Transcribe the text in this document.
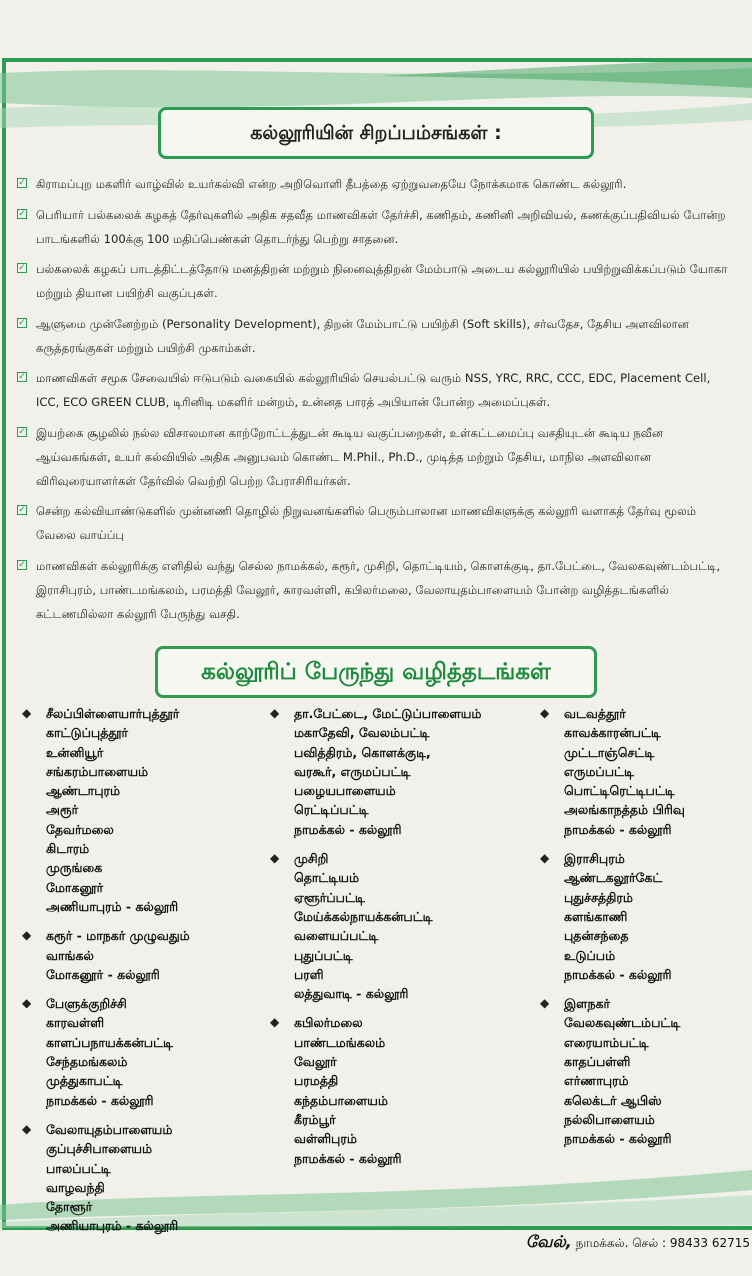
கல்லூரியின் சிறப்பம்சங்கள் :
✓ கிராமப்புற மகளிர் வாழ்வில் உயர்கல்வி என்ற அறிவொளி தீபத்தை ஏற்றுவதையே நோக்கமாக கொண்ட கல்லூரி.
✓ பெரியார் பல்கலைக் கழகத் தேர்வுகளில் அதிக சதவீத மாணவிகள் தேர்ச்சி, கணிதம், கணினி அறிவியல், கணக்குப்பதிவியல் போன்ற பாடங்களில் 100க்கு 100 மதிப்பெண்கள் தொடர்ந்து பெற்று சாதனை.
✓ பல்கலைக் கழகப் பாடத்திட்டத்தோடு மனத்திறன் மற்றும் நினைவுத்திறன் மேம்பாடு அடைய கல்லூரியில் பயிற்றுவிக்கப்படும் யோகா மற்றும் தியான பயிற்சி வகுப்புகள்.
✓ ஆளுமை முன்னேற்றம் (Personality Development), திறன் மேம்பாட்டு பயிற்சி (Soft skills), சர்வதேச, தேசிய அளவிலான கருத்தரங்குகள் மற்றும் பயிற்சி முகாம்கள்.
✓ மாணவிகள் சமூக சேவையில் ஈடுபடும் வகையில் கல்லூரியில் செயல்பட்டு வரும் NSS, YRC, RRC, CCC, EDC, Placement Cell, ICC, ECO GREEN CLUB, டிரினிடி மகளிர் மன்றம், உன்னத பாரத் அபியான் போன்ற அமைப்புகள்.
✓ இயற்கை சூழலில் நல்ல விசாலமான காற்றோட்டத்துடன் கூடிய வகுப்பறைகள், உள்கட்டமைப்பு வசதியுடன் கூடிய நவீன ஆய்வகங்கள், உயர் கல்வியில் அதிக அனுபவம் கொண்ட M.Phil., Ph.D., முடித்த மற்றும் தேசிய, மாநில அளவிலான விரிவுரையாளர்கள் தேர்வில் வெற்றி பெற்ற பேராசிரியர்கள்.
✓ சென்ற கல்வியாண்டுகளில் முன்னணி தொழில் நிறுவனங்களில் பெரும்பாலான மாணவிகளுக்கு கல்லூரி வளாகத் தேர்வு மூலம் வேலை வாய்ப்பு
✓ மாணவிகள் கல்லூரிக்கு எளிதில் வந்து செல்ல நாமக்கல், கரூர், முசிறி, தொட்டியம், கொளக்குடி, தா.பேட்டை, வேலகவுண்டம்பட்டி, இராசிபுரம், பாண்டமங்கலம், பரமத்தி வேலூர், காரவள்ளி, கபிலர்மலை, வேலாயுதம்பாளையம் போன்ற வழித்தடங்களில் கட்டணமில்லா கல்லூரி பேருந்து வசதி.
கல்லூரிப் பேருந்து வழித்தடங்கள்
◆ சீலப்பிள்ளையார்புத்தூர்
காட்டுப்புத்தூர்
உன்னியூர்
சங்கரம்பாளையம்
ஆண்டாபுரம்
அரூர்
தேவர்மலை
கிடாரம்
முருங்கை
மோகனூர்
அணியாபுரம் - கல்லூரி
◆ கரூர் - மாநகர் முழுவதும்
வாங்கல்
மோகனூர் - கல்லூரி
◆ பேளுக்குறிச்சி
காரவள்ளி
காளப்பநாயக்கன்பட்டி
சேந்தமங்கலம்
முத்துகாபட்டி
நாமக்கல் - கல்லூரி
◆ வேலாயுதம்பாளையம்
குப்புச்சிபாளையம்
பாலப்பட்டி
வாழவந்தி
தோளூர்
அணியாபுரம் - கல்லூரி
◆ தா.பேட்டை, மேட்டுப்பாளையம்
மகாதேவி, வேலம்பட்டி
பவித்திரம், கொளக்குடி,
வரகூர், எருமப்பட்டி
பழையபாளையம்
ரெட்டிப்பட்டி
நாமக்கல் - கல்லூரி
◆ முசிறி
தொட்டியம்
ஏளூர்ப்பட்டி
மேய்க்கல்நாயக்கன்பட்டி
வளையப்பட்டி
புதுப்பட்டி
பரளி
லத்துவாடி - கல்லூரி
◆ கபிலர்மலை
பாண்டமங்கலம்
வேலூர்
பரமத்தி
கந்தம்பாளையம்
கீரம்பூர்
வள்ளிபுரம்
நாமக்கல் - கல்லூரி
◆ வடவத்தூர்
காவக்காரன்பட்டி
முட்டாஞ்செட்டி
எருமப்பட்டி
பொட்டிரெட்டிபட்டி
அலங்காநத்தம் பிரிவு
நாமக்கல் - கல்லூரி
◆ இராசிபுரம்
ஆண்டகலூர்கேட்
புதுச்சத்திரம்
களங்காணி
புதன்சந்தை
உடுப்பம்
நாமக்கல் - கல்லூரி
◆ இளநகர்
வேலகவுண்டம்பட்டி
எரையாம்பட்டி
காதப்பள்ளி
எர்ணாபுரம்
கலெக்டர் ஆபிஸ்
நல்லிபாளையம்
நாமக்கல் - கல்லூரி
வேல், நாமக்கல். செல் : 98433 62715
